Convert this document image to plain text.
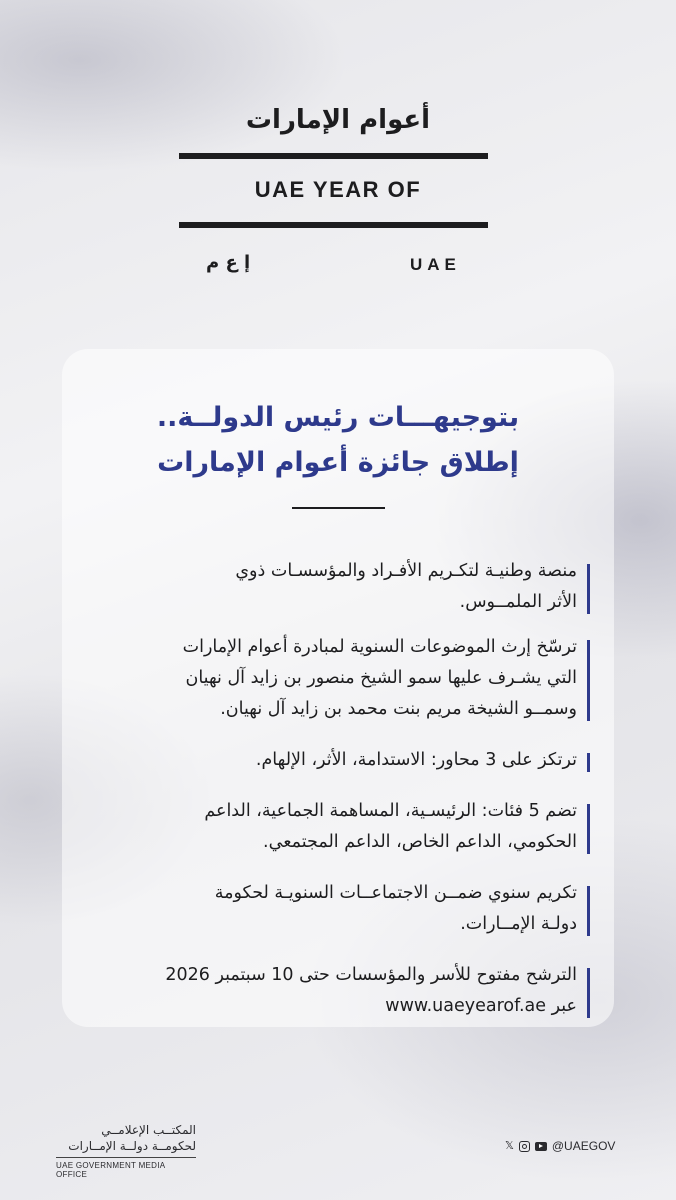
أعوام الإمارات
UAE YEAR OF
إ ع م	UAE
بتوجيهـــات رئيس الدولــة..
إطلاق جائزة أعوام الإمارات
منصة وطنيـة لتكـريم الأفـراد والمؤسسـات ذوي
الأثر الملمــوس.
ترسّخ إرث الموضوعات السنوية لمبادرة أعوام الإمارات
التي يشـرف عليها سمو الشيخ منصور بن زايد آل نهيان
وسمــو الشيخة مريم بنت محمد بن زايد آل نهيان.
ترتكز على 3 محاور: الاستدامة، الأثر، الإلهام.
تضم 5 فئات: الرئيسـية، المساهمة الجماعية، الداعم
الحكومي، الداعم الخاص، الداعم المجتمعي.
تكريم سنوي ضمــن الاجتماعــات السنويـة لحكومة
دولـة الإمــارات.
الترشح مفتوح للأسر والمؤسسات حتى 10 سبتمبر 2026
عبر www.uaeyearof.ae
المكتــب الإعلامــي
لحكومــة دولــة الإمــارات
UAE GOVERNMENT MEDIA OFFICE
𝕏	@UAEGOV
